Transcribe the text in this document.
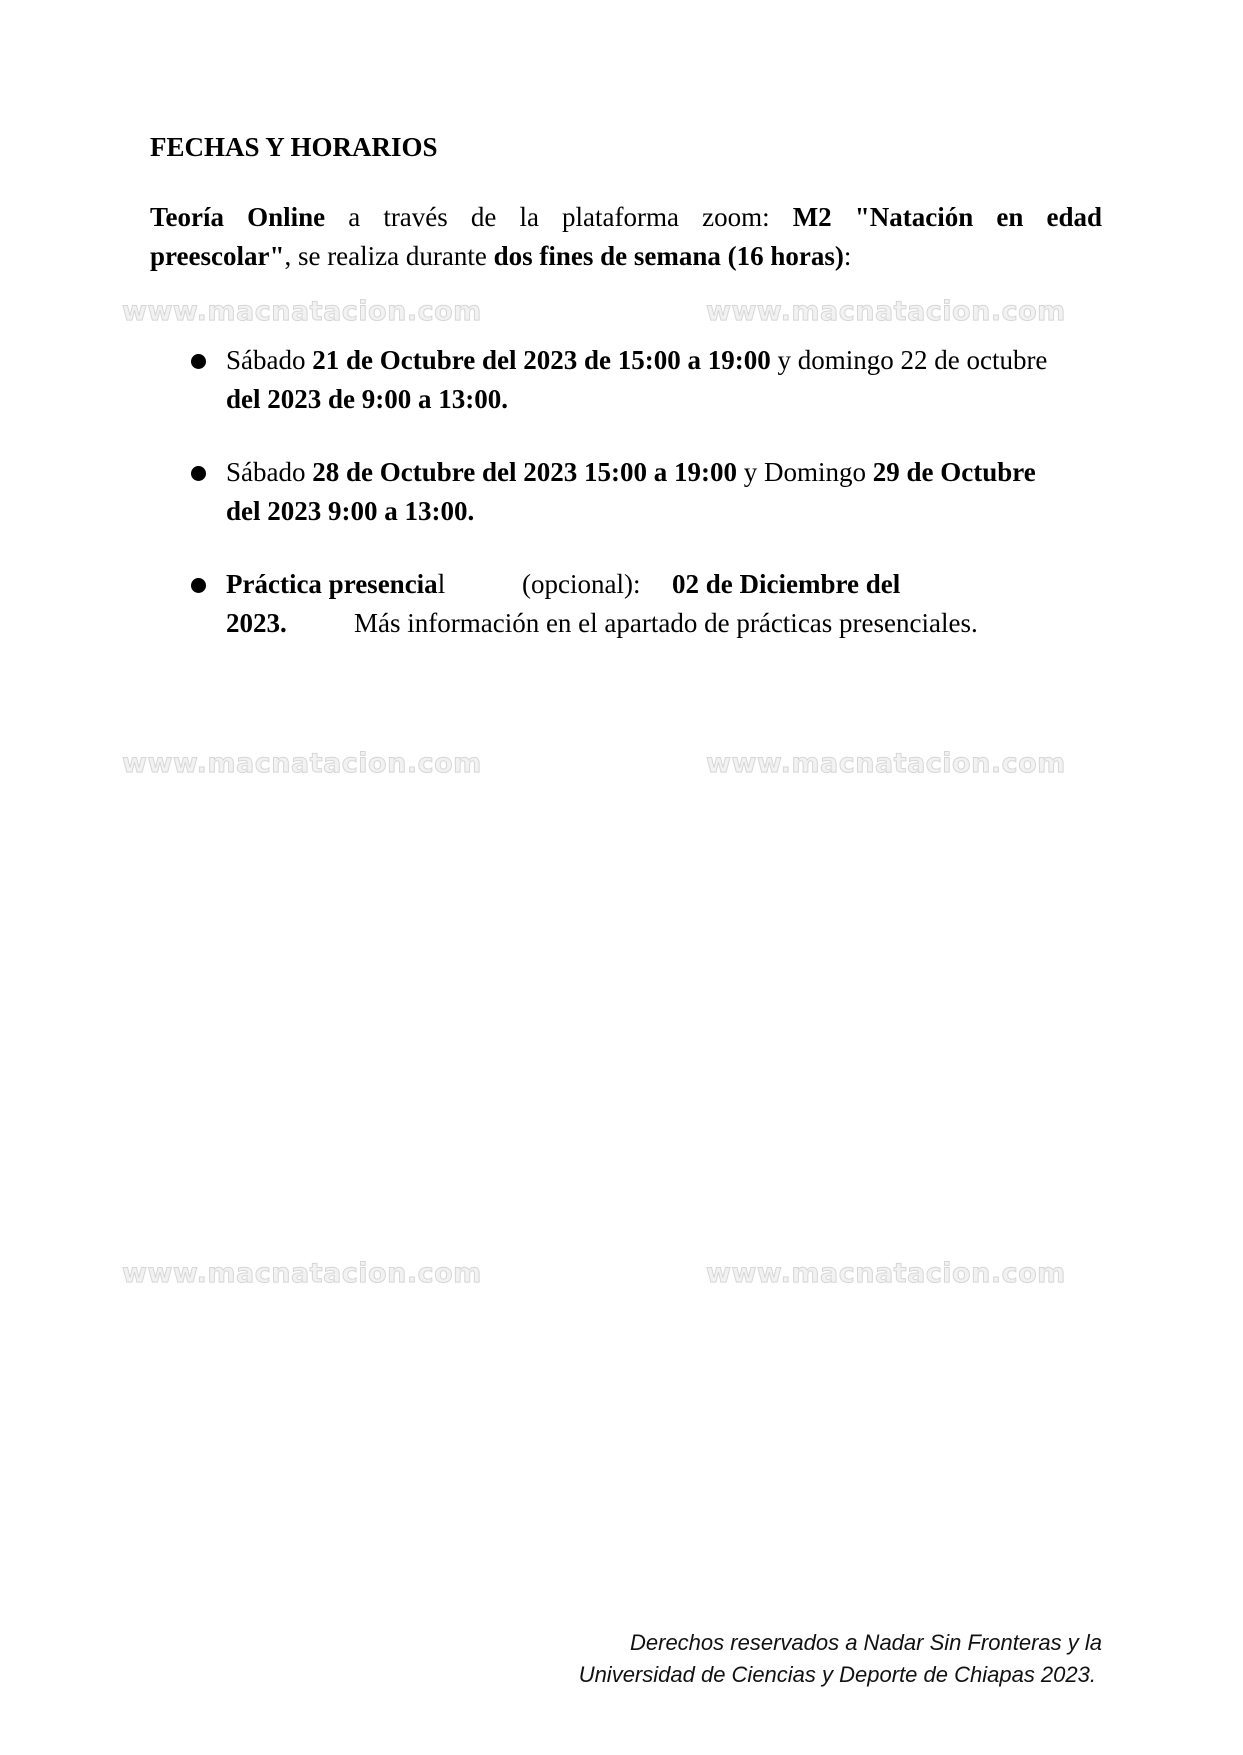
www.macnatacion.com	www.macnatacion.com
www.macnatacion.com	www.macnatacion.com
www.macnatacion.com	www.macnatacion.com
FECHAS Y HORARIOS
Teoría Online a través de la plataforma zoom: M2 "Natación en edad
preescolar", se realiza durante dos fines de semana (16 horas):
Sábado 21 de Octubre del 2023 de 15:00 a 19:00 y domingo 22 de octubre
del 2023 de 9:00 a 13:00.
Sábado 28 de Octubre del 2023 15:00 a 19:00 y Domingo 29 de Octubre
del 2023 9:00 a 13:00.
Práctica presencial	(opcional): 02 de Diciembre del
2023. Más información en el apartado de prácticas presenciales.
Derechos reservados a Nadar Sin Fronteras y la
Universidad de Ciencias y Deporte de Chiapas 2023.
